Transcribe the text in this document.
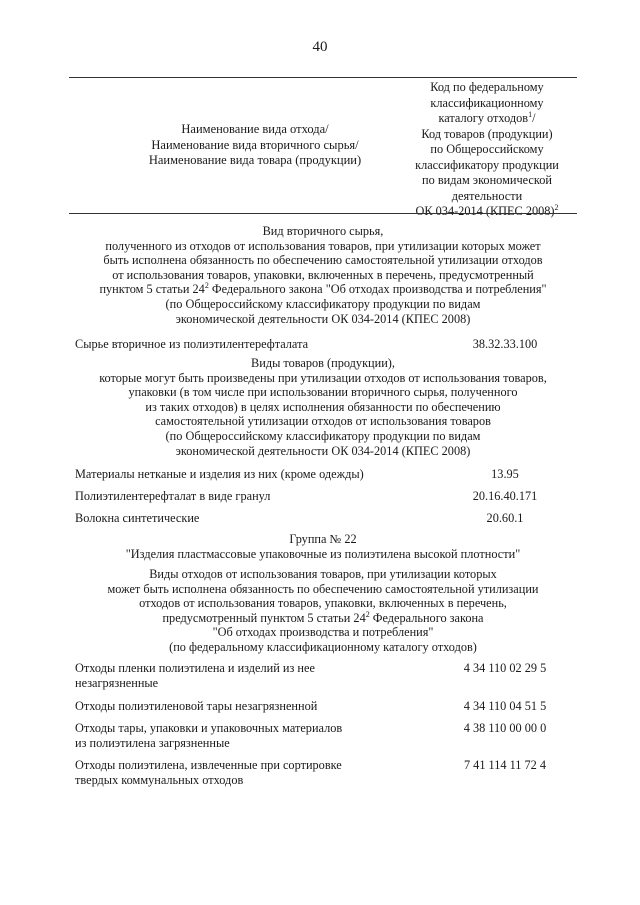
40
Наименование вида отхода/
Наименование вида вторичного сырья/
Наименование вида товара (продукции)
Код по федеральному
классификационному
каталогу отходов$^1$/
Код товаров (продукции)
по Общероссийскому
классификатору продукции
по видам экономической
деятельности
ОК 034-2014 (КПЕС 2008)$^2$
Вид вторичного сырья,
полученного из отходов от использования товаров, при утилизации которых может
быть исполнена обязанность по обеспечению самостоятельной утилизации отходов
от использования товаров, упаковки, включенных в перечень, предусмотренный
пунктом 5 статьи $24^2$ Федерального закона "Об отходах производства и потребления"
(по Общероссийскому классификатору продукции по видам
экономической деятельности ОК 034-2014 (КПЕС 2008)
Сырье вторичное из полиэтилентерефталата	38.32.33.100
Виды товаров (продукции),
которые могут быть произведены при утилизации отходов от использования товаров,
упаковки (в том числе при использовании вторичного сырья, полученного
из таких отходов) в целях исполнения обязанности по обеспечению
самостоятельной утилизации отходов от использования товаров
(по Общероссийскому классификатору продукции по видам
экономической деятельности ОК 034-2014 (КПЕС 2008)
Материалы нетканые и изделия из них (кроме одежды)	13.95
Полиэтилентерефталат в виде гранул	20.16.40.171
Волокна синтетические	20.60.1
Группа № 22
"Изделия пластмассовые упаковочные из полиэтилена высокой плотности"
Виды отходов от использования товаров, при утилизации которых
может быть исполнена обязанность по обеспечению самостоятельной утилизации
отходов от использования товаров, упаковки, включенных в перечень,
предусмотренный пунктом 5 статьи $24^2$ Федерального закона
"Об отходах производства и потребления"
(по федеральному классификационному каталогу отходов)
Отходы пленки полиэтилена и изделий из нее
незагрязненные
4 34 110 02 29 5
Отходы полиэтиленовой тары незагрязненной	4 34 110 04 51 5
Отходы тары, упаковки и упаковочных материалов
из полиэтилена загрязненные
4 38 110 00 00 0
Отходы полиэтилена, извлеченные при сортировке
твердых коммунальных отходов
7 41 114 11 72 4
